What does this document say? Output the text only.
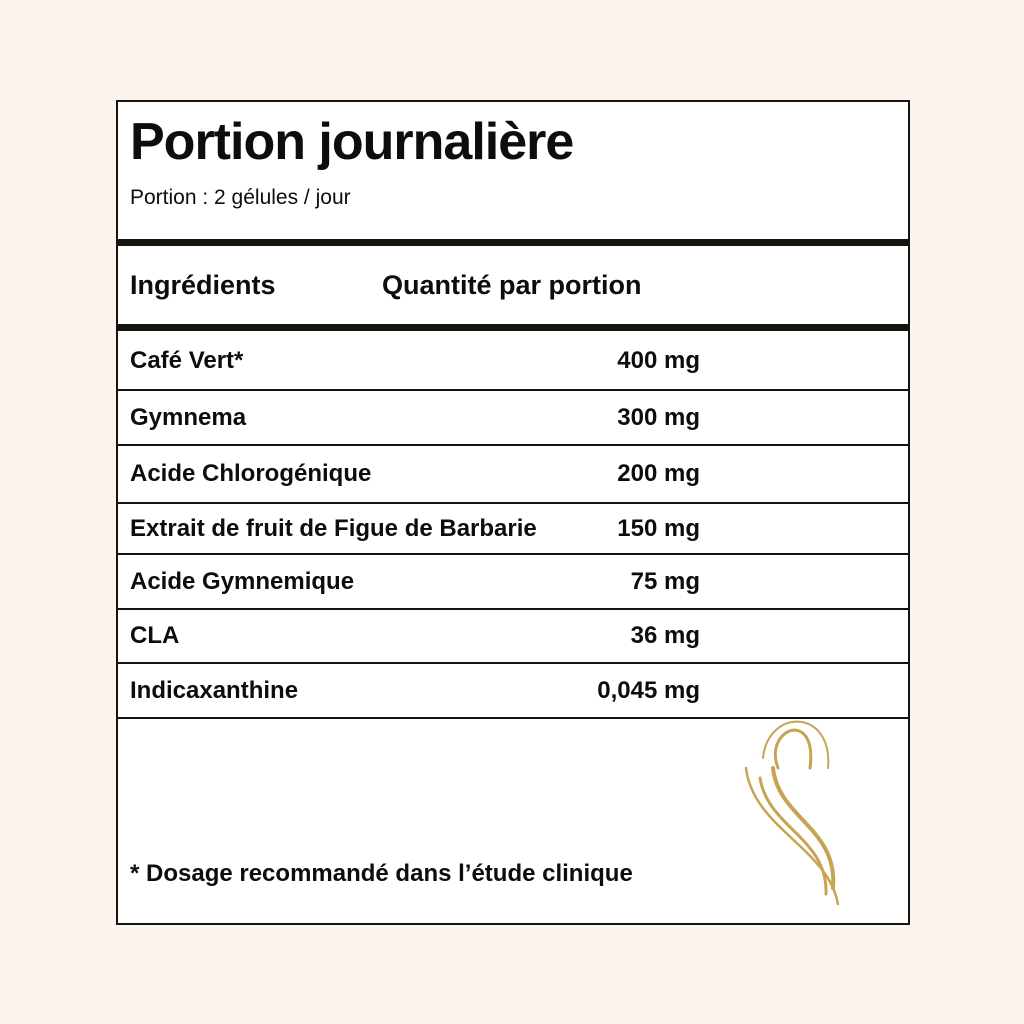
Portion journalière
Portion : 2 gélules / jour
Ingrédients	Quantité par portion
Café Vert*	400 mg
Gymnema	300 mg
Acide Chlorogénique	200 mg
Extrait de fruit de Figue de Barbarie	150 mg
Acide Gymnemique	75 mg
CLA	36 mg
Indicaxanthine	0,045 mg
* Dosage recommandé dans l’étude clinique
